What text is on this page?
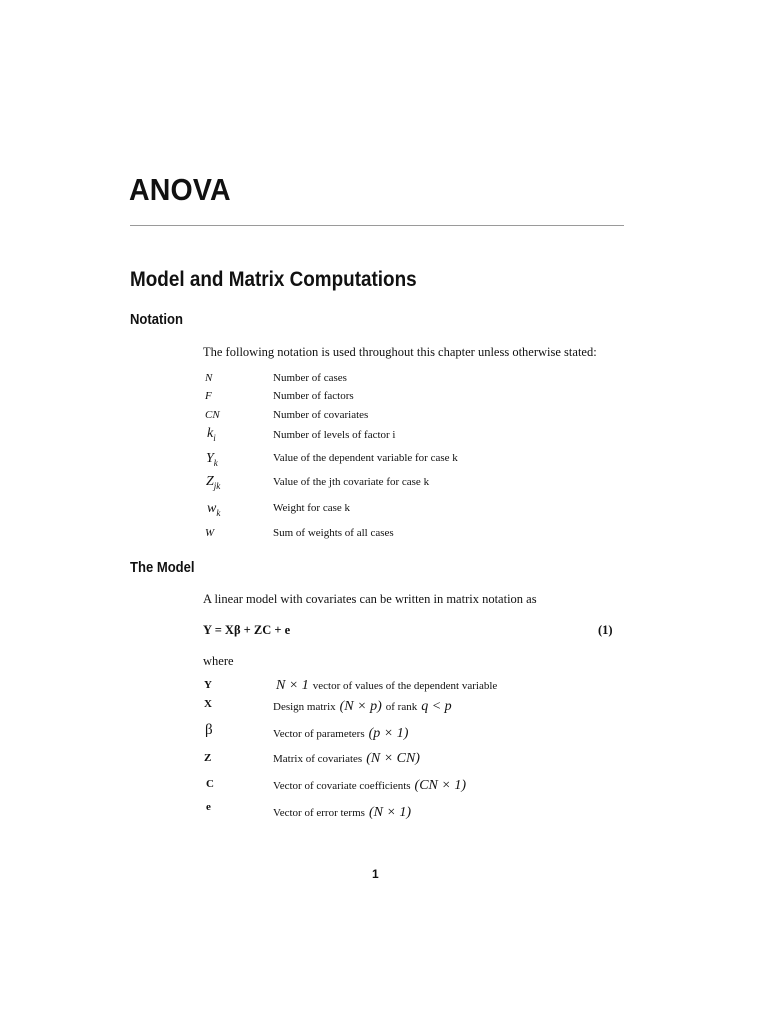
ANOVA
Model and Matrix Computations
Notation
The following notation is used throughout this chapter unless otherwise stated:
N	Number of cases
F	Number of factors
CN	Number of covariates
$k_i$	Number of levels of factor i
$Y_k$	Value of the dependent variable for case k
$Z_{jk}$	Value of the jth covariate for case k
$w_k$	Weight for case k
W	Sum of weights of all cases
The Model
A linear model with covariates can be written in matrix notation as
Y = Xβ + ZC + e	(1)
where
Y	N × 1 vector of values of the dependent variable
X	Design matrix (N × p) of rank q < p
β	Vector of parameters (p × 1)
Z	Matrix of covariates (N × CN)
C	Vector of covariate coefficients (CN × 1)
e	Vector of error terms (N × 1)
1
